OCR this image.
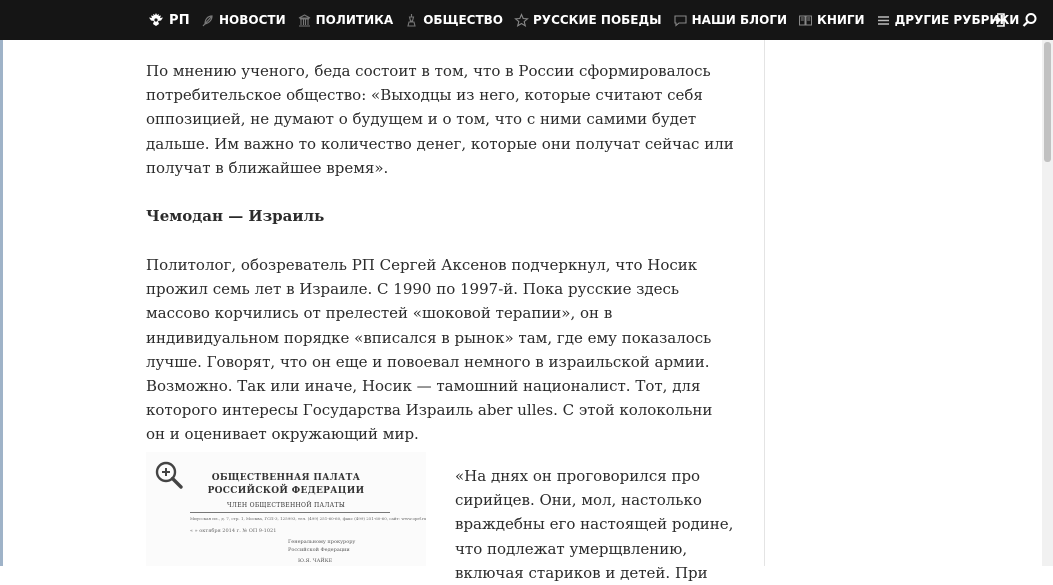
РП НОВОСТИ	ПОЛИТИКА	ОБЩЕСТВО	РУССКИЕ ПОБЕДЫ	НАШИ БЛОГИ	КНИГИ	ДРУГИЕ РУБРИКИ

По мнению ученого, беда состоит в том, что в России сформировалось потребительское общество: «Выходцы из него, которые считают себя оппозицией, не думают о будущем и о том, что с ними самими будет дальше. Им важно то количество денег, которые они получат сейчас или получат в ближайшее время».

Чемодан — Израиль

Политолог, обозреватель РП Сергей Аксенов подчеркнул, что Носик прожил семь лет в Израиле. С 1990 по 1997-й. Пока русские здесь массово корчились от прелестей «шоковой терапии», он в индивидуальном порядке «вписался в рынок» там, где ему показалось лучше. Говорят, что он еще и повоевал немного в израильской армии. Возможно. Так или иначе, Носик — тамошний националист. Тот, для которого интересы Государства Израиль aber ulles. С этой колокольни он и оценивает окружающий мир.

ОБЩЕСТВЕННАЯ ПАЛАТА
РОССИЙСКОЙ ФЕДЕРАЦИИ
ЧЛЕН ОБЩЕСТВЕННОЙ ПАЛАТЫ
Миусская пл., д. 7, стр. 1, Москва, ГСП-3, 125993, тел. (499) 251-60-60, факс (499) 251-60-60, сайт: www.oprf.ru
« » октября 2014 г. № ОП 9-1021
Генеральному прокурору
Российской Федерации
Ю.Я. ЧАЙКЕ

«На днях он проговорился про сирийцев. Они, мол, настолько враждебны его настоящей родине, что подлежат умерщвлению, включая стариков и детей. При
